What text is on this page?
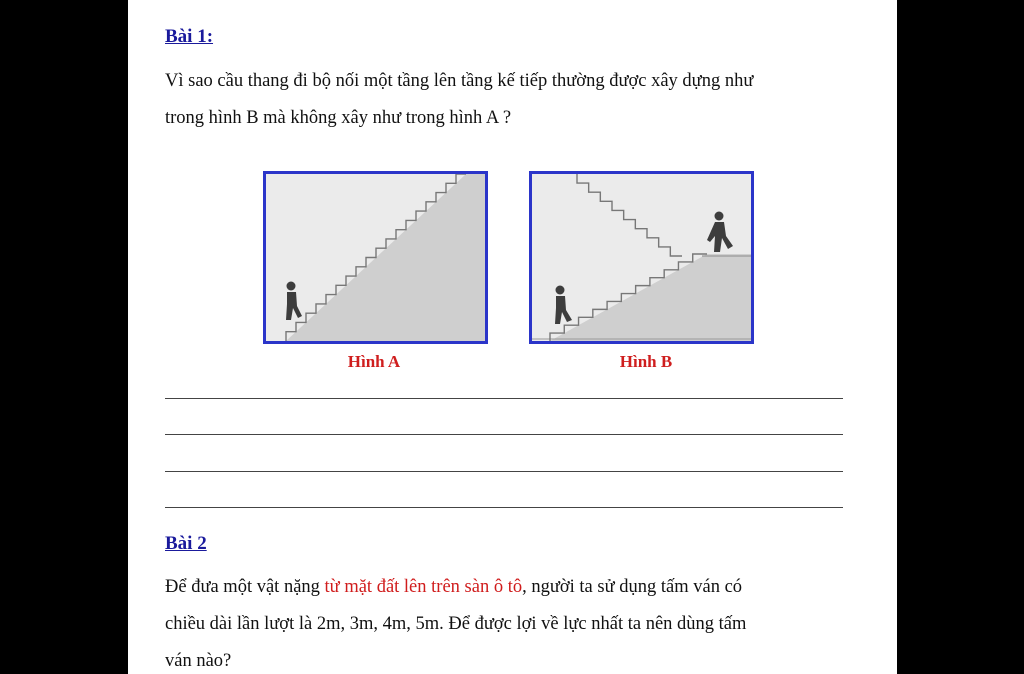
Bài 1:
Vì sao cầu thang đi bộ nối một tầng lên tầng kế tiếp thường được xây dựng như
trong hình B mà không xây như trong hình A ?
Hình A	Hình B
Bài 2
Để đưa một vật nặng từ mặt đất lên trên sàn ô tô, người ta sử dụng tấm ván có
chiều dài lần lượt là 2m, 3m, 4m, 5m. Để được lợi về lực nhất ta nên dùng tấm
ván nào?
